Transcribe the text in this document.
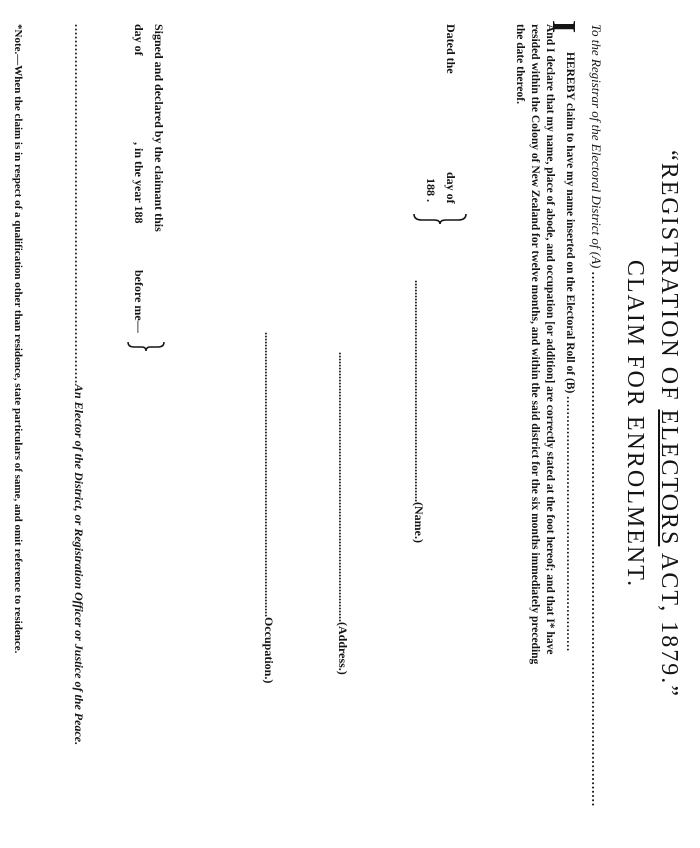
“REGISTRATION OF ELECTORS ACT, 1879.”
CLAIM FOR ENROLMENT.
To the Registrar of the Electoral District of (A) ..............................................................................................................................
I
HEREBY claim to have my name inserted on the Electoral Roll of (B) ..................................................................
And I declare that my name, place of abode, and occupation [or addition] are correctly stated at the foot hereof; and that I* have
resided within the Colony of New Zealand for twelve months, and within the said district for the six months immediately preceding
the date thereof.
..........................................................................(Name.)
..........................................................................................(Address.)
...............................................................................................Occupation.)
Dated the
day of
188 .
Signed and declared by the claimant this
day of
, in the year 188
before me—
..........................................................................................An Elector of the District, or Registration Officer or Justice of the Peace.
*Note.—When the claim is in respect of a qualification other than residence, state particulars of same, and omit reference to residence.
